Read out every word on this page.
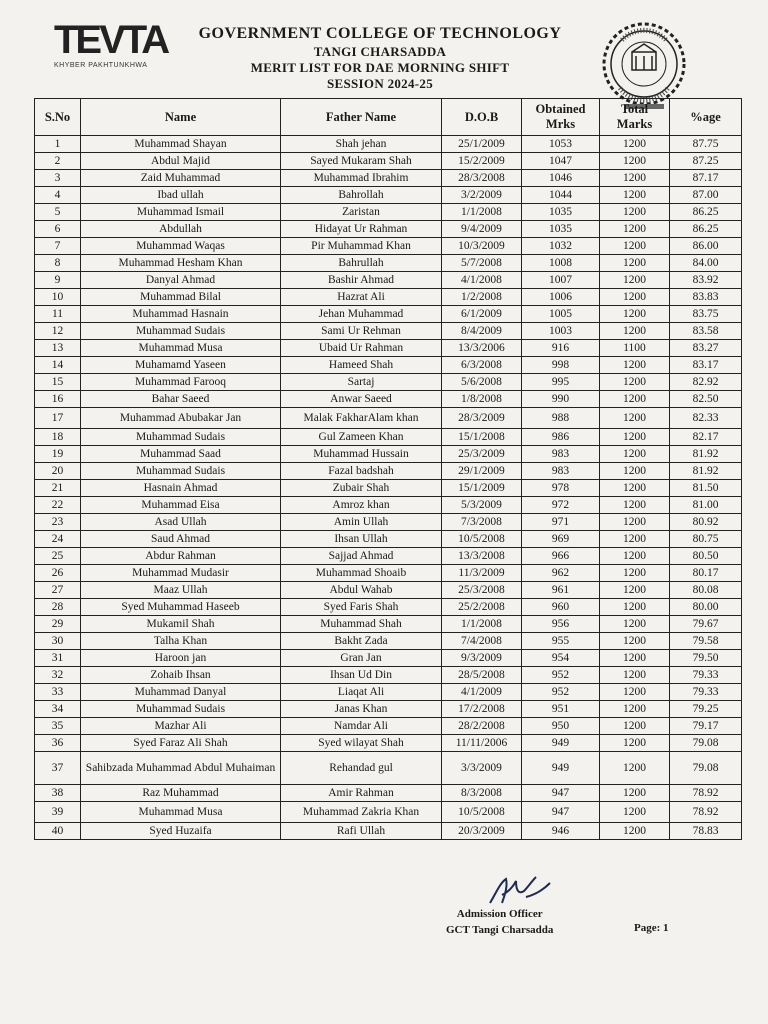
TEVTA
KHYBER PAKHTUNKHWA
GOVERNMENT COLLEGE OF TECHNOLOGY
TANGI CHARSADDA
MERIT LIST FOR DAE MORNING SHIFT
SESSION 2024-25
S.No	Name	Father Name	D.O.B	Obtained Mrks	Total Marks	%age
1	Muhammad Shayan	Shah jehan	25/1/2009	1053	1200	87.75
2	Abdul Majid	Sayed Mukaram Shah	15/2/2009	1047	1200	87.25
3	Zaid Muhammad	Muhammad Ibrahim	28/3/2008	1046	1200	87.17
4	Ibad ullah	Bahrollah	3/2/2009	1044	1200	87.00
5	Muhammad Ismail	Zaristan	1/1/2008	1035	1200	86.25
6	Abdullah	Hidayat Ur Rahman	9/4/2009	1035	1200	86.25
7	Muhammad Waqas	Pir Muhammad Khan	10/3/2009	1032	1200	86.00
8	Muhammad Hesham Khan	Bahrullah	5/7/2008	1008	1200	84.00
9	Danyal Ahmad	Bashir Ahmad	4/1/2008	1007	1200	83.92
10	Muhammad Bilal	Hazrat Ali	1/2/2008	1006	1200	83.83
11	Muhammad Hasnain	Jehan Muhammad	6/1/2009	1005	1200	83.75
12	Muhammad Sudais	Sami Ur Rehman	8/4/2009	1003	1200	83.58
13	Muhammad Musa	Ubaid Ur Rahman	13/3/2006	916	1100	83.27
14	Muhamamd Yaseen	Hameed Shah	6/3/2008	998	1200	83.17
15	Muhammad Farooq	Sartaj	5/6/2008	995	1200	82.92
16	Bahar Saeed	Anwar Saeed	1/8/2008	990	1200	82.50
17	Muhammad Abubakar Jan	Malak FakharAlam khan	28/3/2009	988	1200	82.33
18	Muhammad Sudais	Gul Zameen Khan	15/1/2008	986	1200	82.17
19	Muhammad Saad	Muhammad Hussain	25/3/2009	983	1200	81.92
20	Muhammad Sudais	Fazal badshah	29/1/2009	983	1200	81.92
21	Hasnain Ahmad	Zubair Shah	15/1/2009	978	1200	81.50
22	Muhammad Eisa	Amroz khan	5/3/2009	972	1200	81.00
23	Asad Ullah	Amin Ullah	7/3/2008	971	1200	80.92
24	Saud Ahmad	Ihsan Ullah	10/5/2008	969	1200	80.75
25	Abdur Rahman	Sajjad Ahmad	13/3/2008	966	1200	80.50
26	Muhammad Mudasir	Muhammad Shoaib	11/3/2009	962	1200	80.17
27	Maaz Ullah	Abdul Wahab	25/3/2008	961	1200	80.08
28	Syed Muhammad Haseeb	Syed Faris Shah	25/2/2008	960	1200	80.00
29	Mukamil Shah	Muhammad Shah	1/1/2008	956	1200	79.67
30	Talha Khan	Bakht Zada	7/4/2008	955	1200	79.58
31	Haroon jan	Gran Jan	9/3/2009	954	1200	79.50
32	Zohaib Ihsan	Ihsan Ud Din	28/5/2008	952	1200	79.33
33	Muhammad Danyal	Liaqat Ali	4/1/2009	952	1200	79.33
34	Muhammad Sudais	Janas Khan	17/2/2008	951	1200	79.25
35	Mazhar Ali	Namdar Ali	28/2/2008	950	1200	79.17
36	Syed Faraz Ali Shah	Syed wilayat Shah	11/11/2006	949	1200	79.08
37	Sahibzada Muhammad Abdul Muhaiman	Rehandad gul	3/3/2009	949	1200	79.08
38	Raz Muhammad	Amir Rahman	8/3/2008	947	1200	78.92
39	Muhammad Musa	Muhammad Zakria Khan	10/5/2008	947	1200	78.92
40	Syed Huzaifa	Rafi Ullah	20/3/2009	946	1200	78.83
Admission Officer
GCT Tangi Charsadda	Page: 1
